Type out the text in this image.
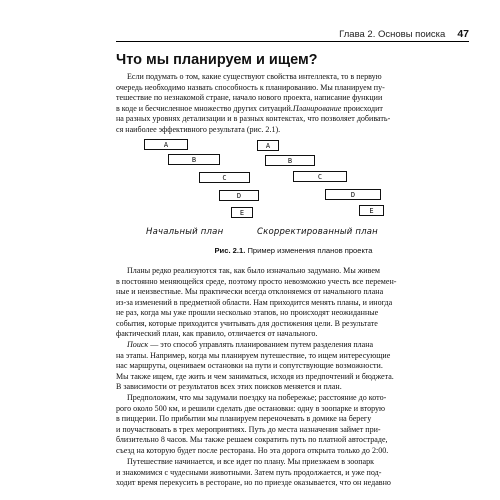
Глава 2. Основы поиска 47
Что мы планируем и ищем?

Если подумать о том, какие существуют свойства интеллекта, то в первую
очередь необходимо назвать способность к планированию. Мы планируем пу-
тешествие по незнакомой стране, начало нового проекта, написание функции
в коде и бесчисленное множество других ситуаций.Планирование происходит
на разных уровнях детализации и в разных контекстах, что позволяет добивать-
ся наиболее эффективного результата (рис. 2.1).

A
B
C
D
E
Начальный план
A
B
C
D
E
Скорректированный план
Рис. 2.1. Пример изменения планов проекта

Планы редко реализуются так, как было изначально задумано. Мы живем
в постоянно меняющейся среде, поэтому просто невозможно учесть все перемен-
ные и неизвестные. Мы практически всегда отклоняемся от начального плана
из-за изменений в предметной области. Нам приходится менять планы, и иногда
не раз, когда мы уже прошли несколько этапов, но происходят неожиданные
события, которые приходится учитывать для достижения цели. В результате
фактический план, как правило, отличается от начального.

Поиск — это способ управлять планированием путем разделения плана
на этапы. Например, когда мы планируем путешествие, то ищем интересующие
нас маршруты, оцениваем остановки на пути и сопутствующие возможности.
Мы также ищем, где жить и чем заниматься, исходя из предпочтений и бюджета.
В зависимости от результатов всех этих поисков меняется и план.

Предположим, что мы задумали поездку на побережье; расстояние до кото-
рого около 500 км, и решили сделать две остановки: одну в зоопарке и вторую
в пиццерии. По прибытии мы планируем переночевать в домике на берегу
и поучаствовать в трех мероприятиях. Путь до места назначения займет при-
близительно 8 часов. Мы также решаем сократить путь по платной автостраде,
съезд на которую будет после ресторана. Но эта дорога открыта только до 2:00.

Путешествие начинается, и все идет по плану. Мы приезжаем в зоопарк
и знакомимся с чудесными животными. Затем путь продолжается, и уже под-
ходит время перекусить в ресторане, но по приезде оказывается, что он недавно
